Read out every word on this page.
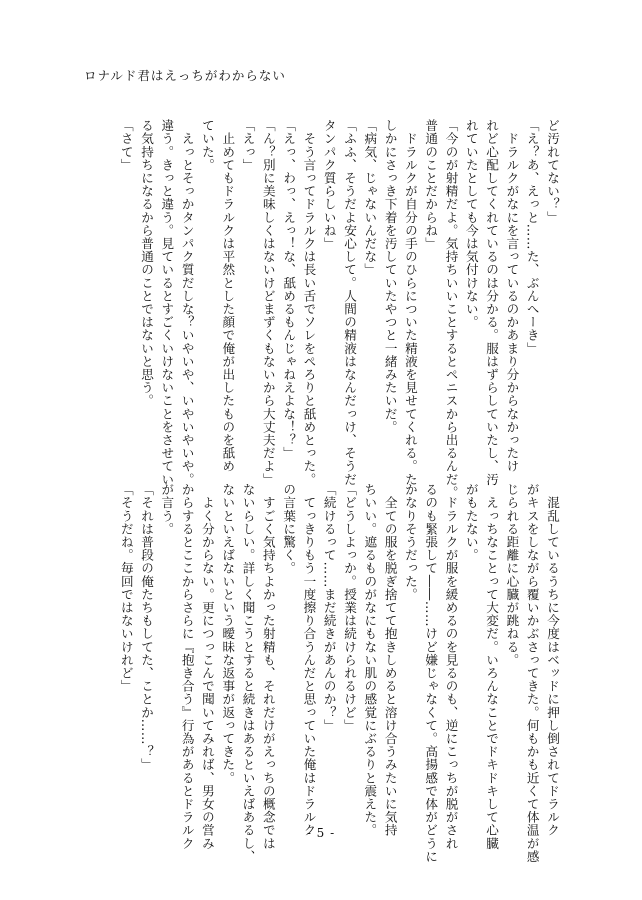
ロナルド君はえっちがわからない
ど汚れてない？」
「え？あ、えっと……た、ぶんへーき」
　ドラルクがなにを言っているのかあまり分からなかったけ
れど心配してくれているのは分かる。服はずらしていたし、汚
れていたとしても今は気付けない。
「今のが射精だよ。気持ちいいことするとペニスから出るんだ。
普通のことだからね」
　ドラルクが自分の手のひらについた精液を見せてくれる。た
しかにさっき下着を汚していたやつと一緒みたいだ。
「病気、じゃないんだな」
「ふふ、そうだよ安心して。人間の精液はなんだっけ、そうだ
タンパク質らしいね」
　そう言ってドラルクは長い舌でソレをぺろりと舐めとった。
「えっ、わっ、えっ！な、舐めるもんじゃねえよな！？」
「ん？別に美味しくはないけどまずくもないから大丈夫だよ」
「えっ」
　止めてもドラルクは平然とした顔で俺が出したものを舐め
ていた。
　えっとそっかタンパク質だしな？いやいや、いやいやいや。
違う。きっと違う。見ているとすごくいけないことをさせてい
る気持ちになるから普通のことではないと思う。
「さて」
　混乱しているうちに今度はベッドに押し倒されてドラルク
がキスをしながら覆いかぶさってきた。何もかも近くて体温が感
じられる距離に心臓が跳ねる。
　えっちなことって大変だ。いろんなことでドキドキして心臓
がもたない。
　ドラルクが服を緩めるのを見るのも、逆にこっちが脱がされ
るのも緊張して――……けど嫌じゃなくて。高揚感で体がどうに
かなりそうだった。
　全ての服を脱ぎ捨てて抱きしめると溶け合うみたいに気持
ちいい。遮るものがなにもない肌の感覚にぶるりと震えた。
「どうしよっか。授業は続けられるけど」
「続けるって……まだ続きがあんのか？」
　てっきりもう一度擦り合うんだと思っていた俺はドラルク
の言葉に驚く。
　すごく気持ちよかった射精も、それだけがえっちの概念では
ないらしい。詳しく聞こうとすると続きはあるといえばあるし、
ないといえばないという曖昧な返事が返ってきた。
　よく分からない。更につっこんで聞いてみれば、男女の営み
からするとここからさらに『抱き合う』行為があるとドラルク
が言う。
「それは普段の俺たちもしてた、ことか……？」
「そうだね。毎回ではないけれど」
- 5 -
